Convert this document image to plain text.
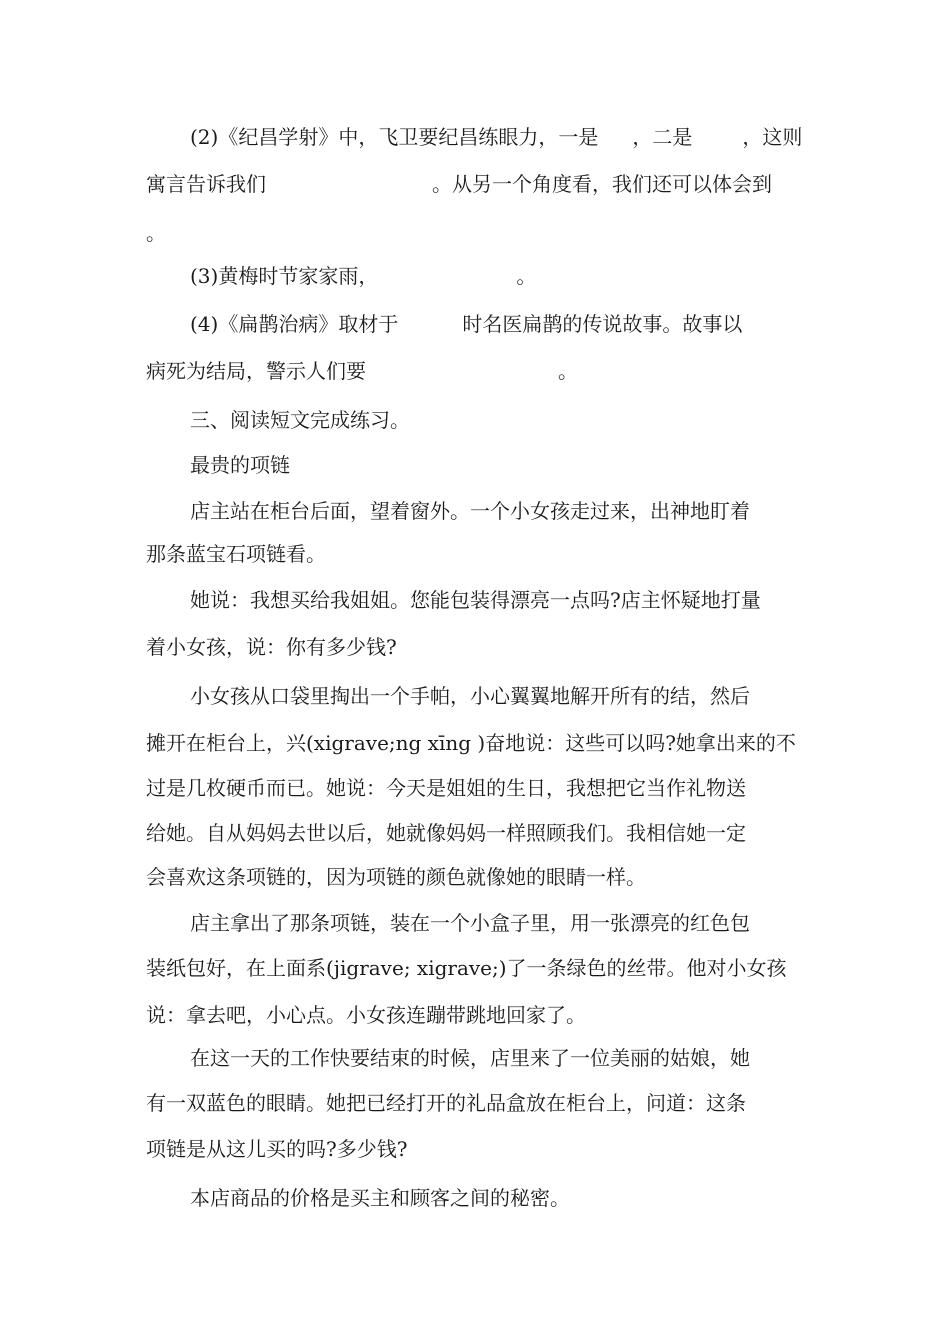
(2)《纪昌学射》中，飞卫要纪昌练眼力，一是 ，二是	，这则
寓言告诉我们	。从另一个角度看，我们还可以体会到
。
(3)黄梅时节家家雨，	。
(4)《扁鹊治病》取材于	时名医扁鹊的传说故事。故事以
病死为结局，警示人们要	。
三、阅读短文完成练习。
最贵的项链
店主站在柜台后面，望着窗外。一个小女孩走过来，出神地盯着
那条蓝宝石项链看。
她说：我想买给我姐姐。您能包装得漂亮一点吗?店主怀疑地打量
着小女孩，说：你有多少钱?
小女孩从口袋里掏出一个手帕，小心翼翼地解开所有的结，然后
摊开在柜台上，兴(xigrave;ng xīng )奋地说：这些可以吗?她拿出来的不
过是几枚硬币而已。她说：今天是姐姐的生日，我想把它当作礼物送
给她。自从妈妈去世以后，她就像妈妈一样照顾我们。我相信她一定
会喜欢这条项链的，因为项链的颜色就像她的眼睛一样。
店主拿出了那条项链，装在一个小盒子里，用一张漂亮的红色包
装纸包好，在上面系(jigrave; xigrave;)了一条绿色的丝带。他对小女孩
说：拿去吧，小心点。小女孩连蹦带跳地回家了。
在这一天的工作快要结束的时候，店里来了一位美丽的姑娘，她
有一双蓝色的眼睛。她把已经打开的礼品盒放在柜台上，问道：这条
项链是从这儿买的吗?多少钱?
本店商品的价格是买主和顾客之间的秘密。
